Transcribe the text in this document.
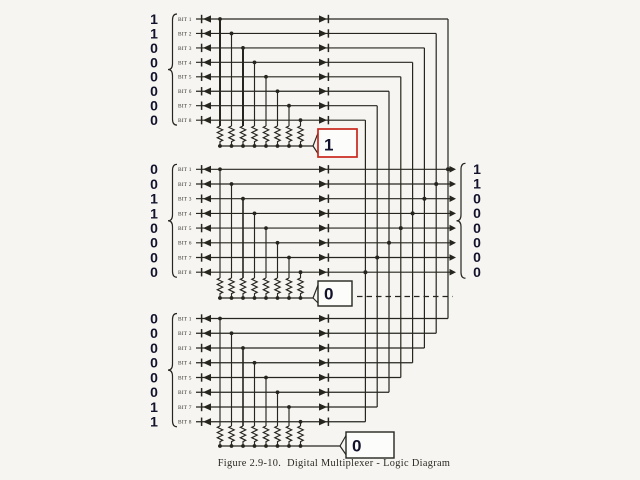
BIT 1
1
BIT 2
1
BIT 3
0
BIT 4
0
BIT 5
0
BIT 6
0
BIT 7
0
BIT 8
0
1
BIT 1
0
BIT 2
0
BIT 3
1
BIT 4
1
BIT 5
0
BIT 6
0
BIT 7
0
BIT 8
0
0
BIT 1
0
BIT 2
0
BIT 3
0
BIT 4
0
BIT 5
0
BIT 6
0
BIT 7
1
BIT 8
1
0
1
1
0
0
0
0
0
0
Figure 2.9-10.  Digital Multiplexer - Logic Diagram
